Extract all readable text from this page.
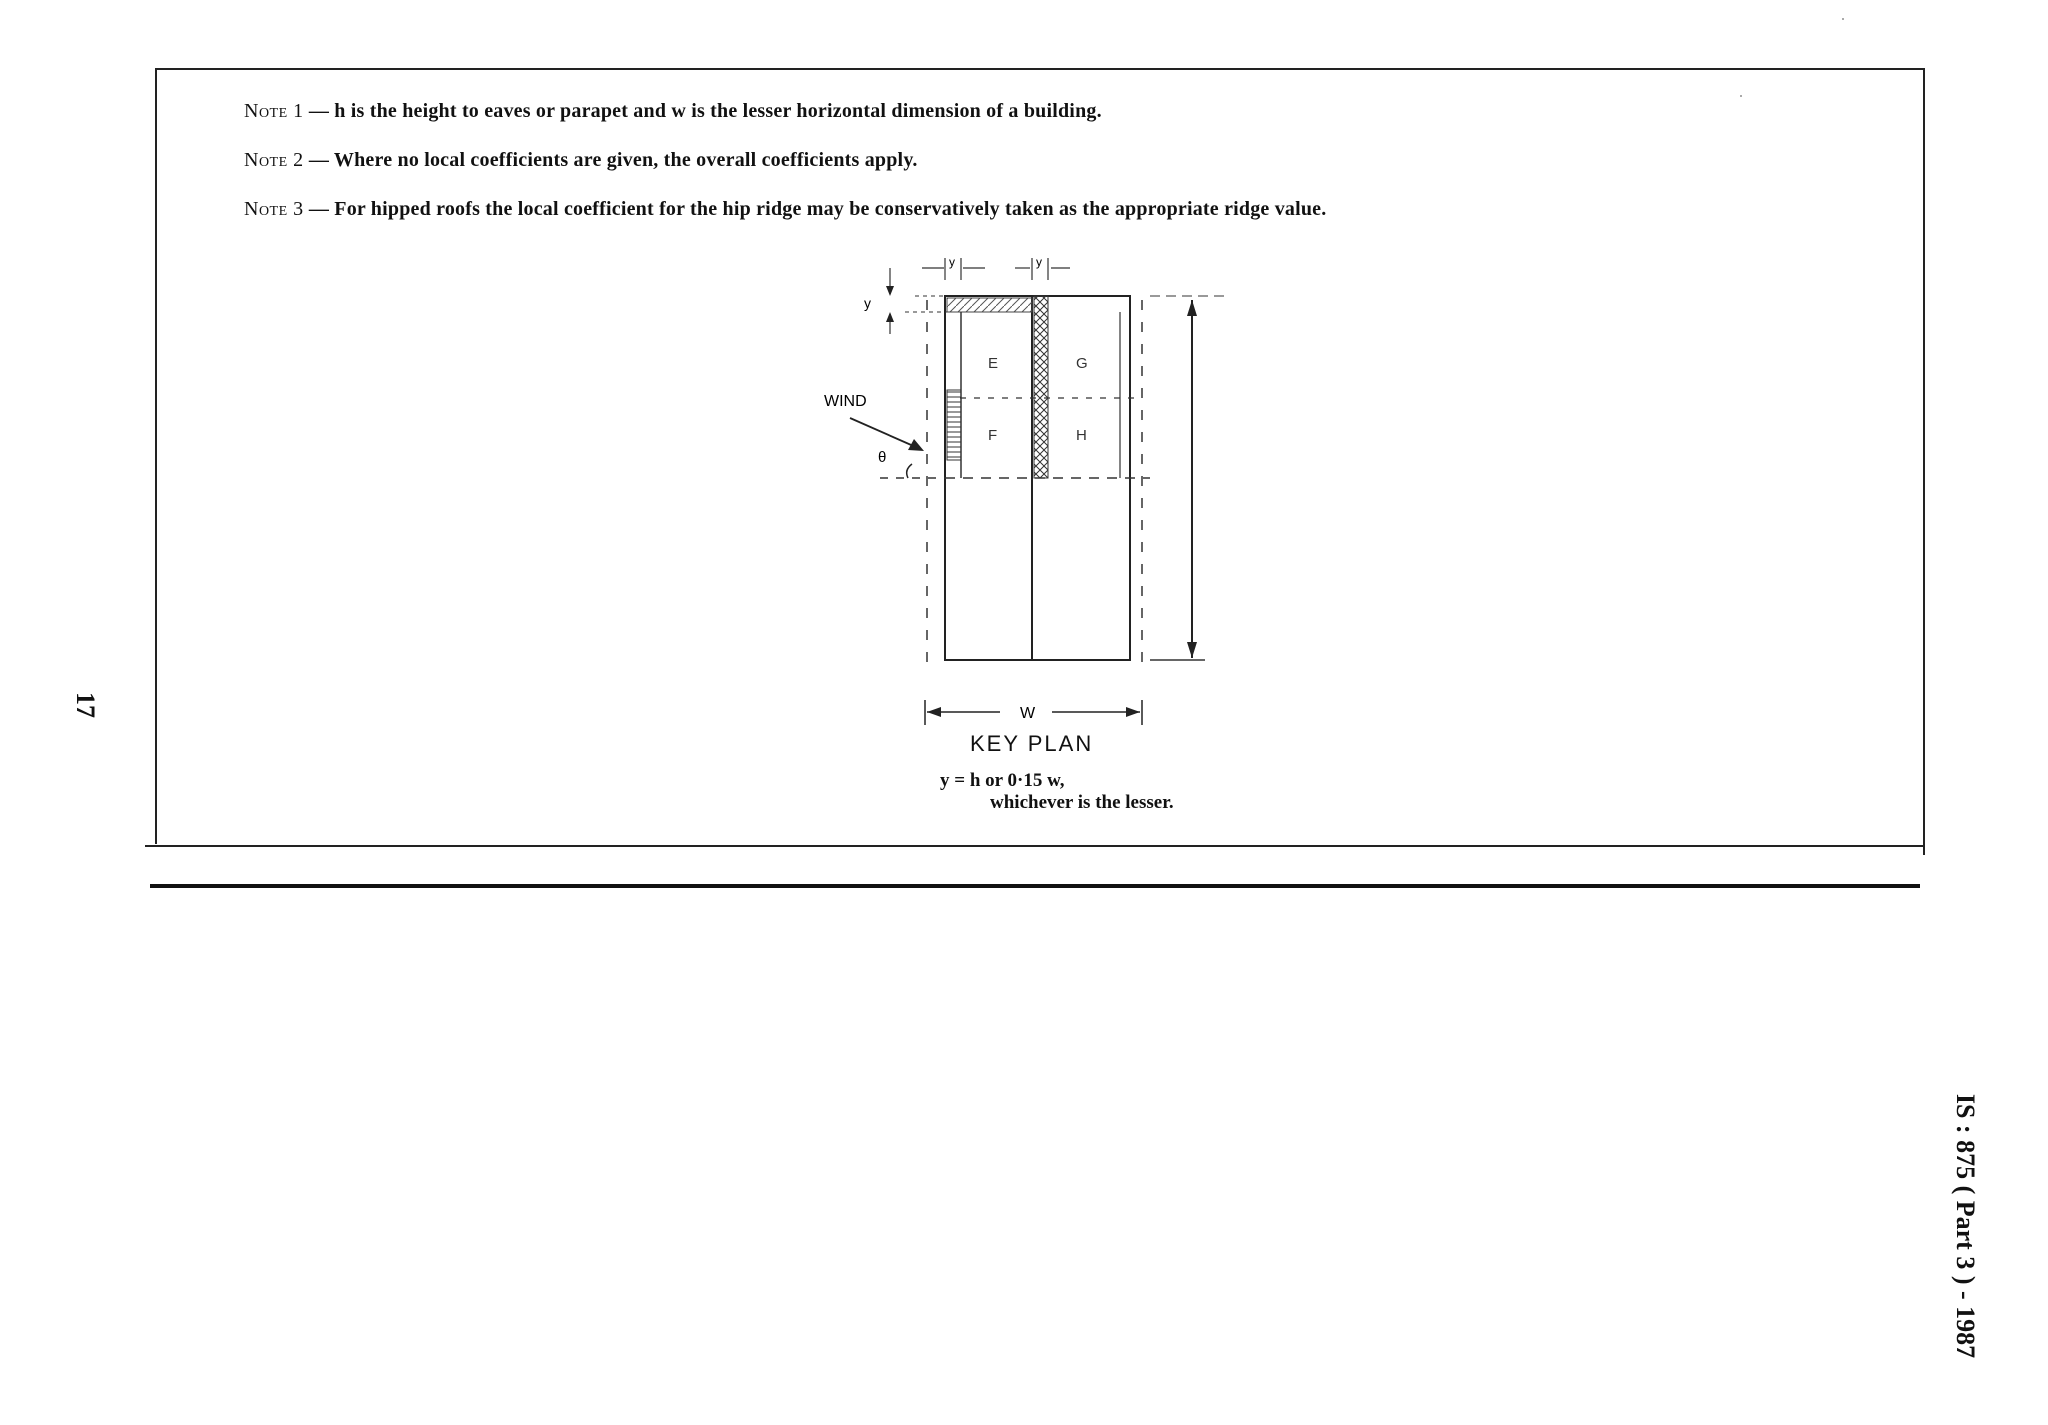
Note 1 — h is the height to eaves or parapet and w is the lesser horizontal dimension of a building.
Note 2 — Where no local coefficients are given, the overall coefficients apply.
Note 3 — For hipped roofs the local coefficient for the hip ridge may be conservatively taken as the appropriate ridge value.
y	y
y
E	G
F	H
WIND
θ
W
KEY PLAN
y = h or 0·15 w,
whichever is the lesser.
17
IS : 875 ( Part 3 ) - 1987
